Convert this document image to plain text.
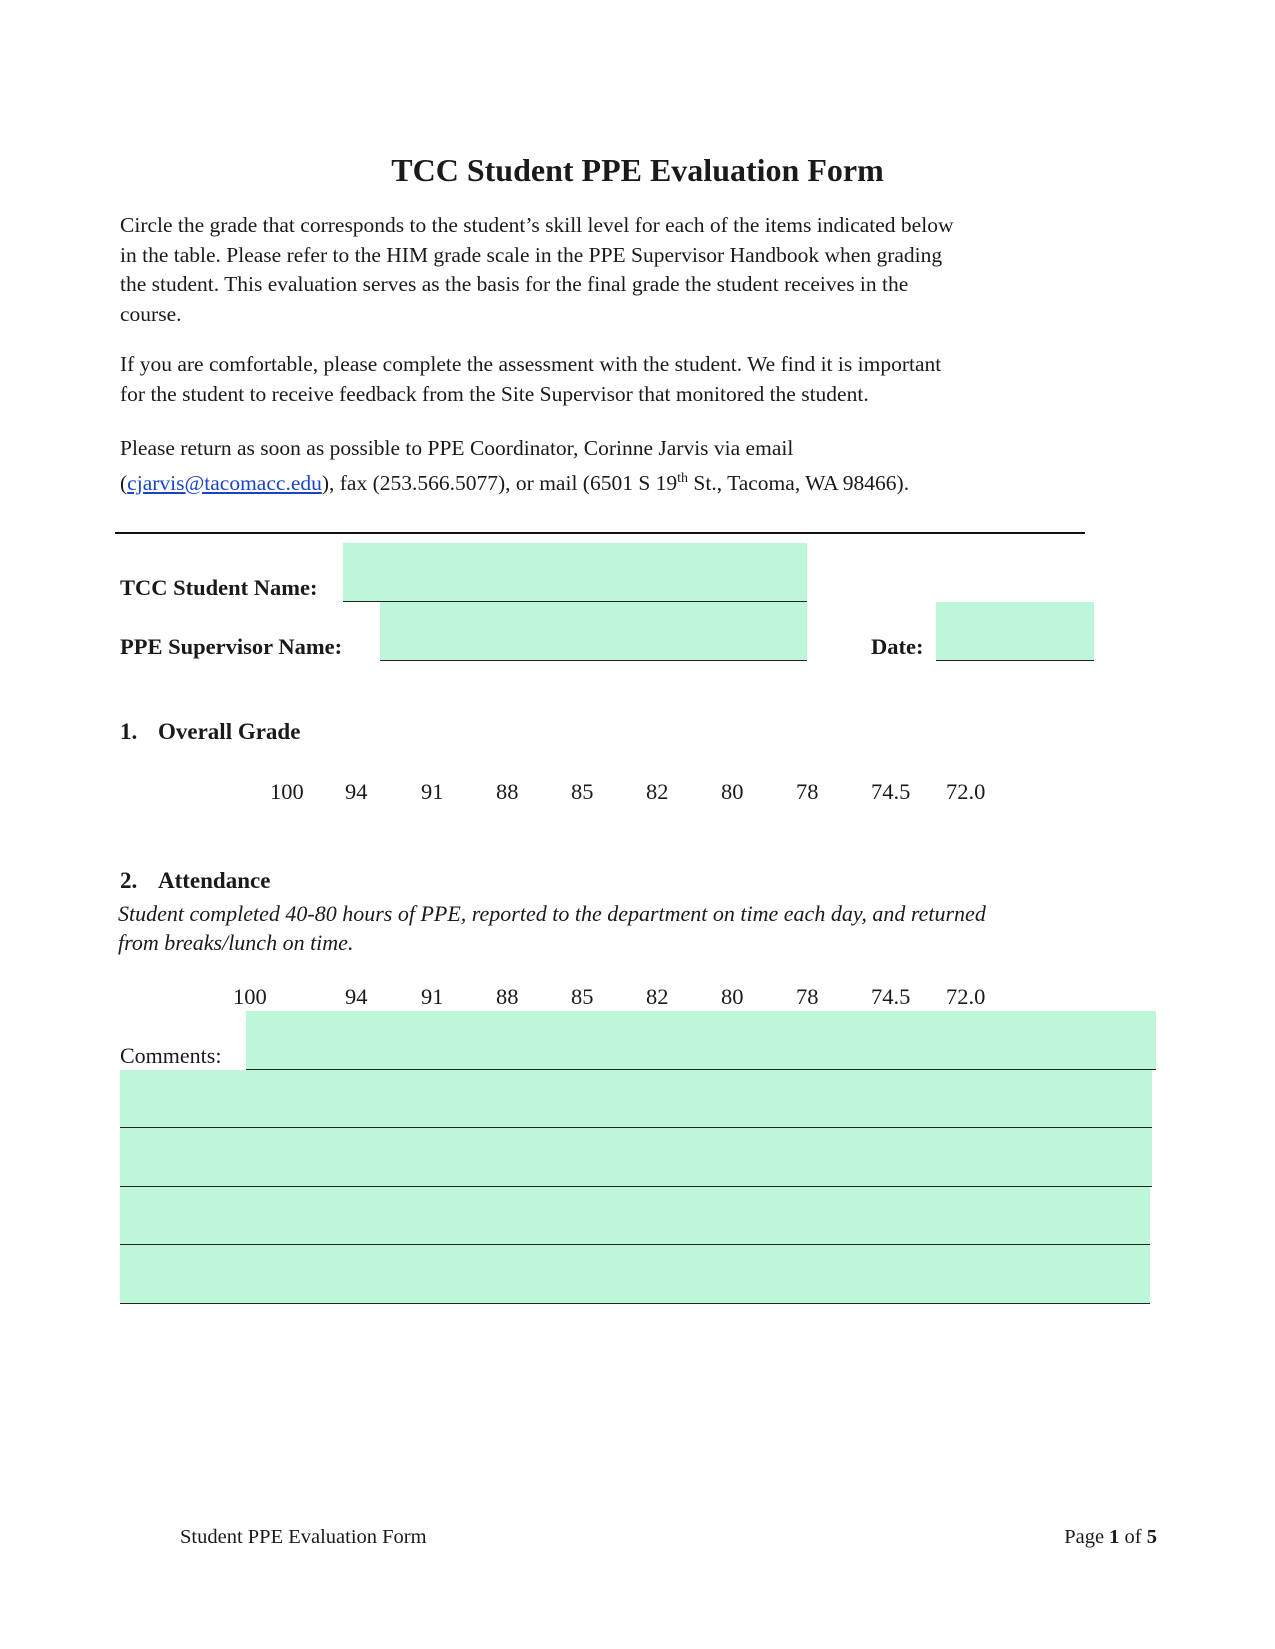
TCC Student PPE Evaluation Form
Circle the grade that corresponds to the student’s skill level for each of the items indicated below
in the table. Please refer to the HIM grade scale in the PPE Supervisor Handbook when grading
the student. This evaluation serves as the basis for the final grade the student receives in the
course.
If you are comfortable, please complete the assessment with the student. We find it is important
for the student to receive feedback from the Site Supervisor that monitored the student.
Please return as soon as possible to PPE Coordinator, Corinne Jarvis via email
(cjarvis@tacomacc.edu), fax (253.566.5077), or mail (6501 S 19th St., Tacoma, WA 98466).
TCC Student Name:
PPE Supervisor Name:	Date:
1. Overall Grade
100 94 91 88 85 82 80 78 74.5 72.0
2. Attendance
Student completed 40-80 hours of PPE, reported to the department on time each day, and returned
from breaks/lunch on time.
100	94 91 88 85 82 80 78 74.5 72.0
Comments:
Student PPE Evaluation Form	Page 1 of 5
